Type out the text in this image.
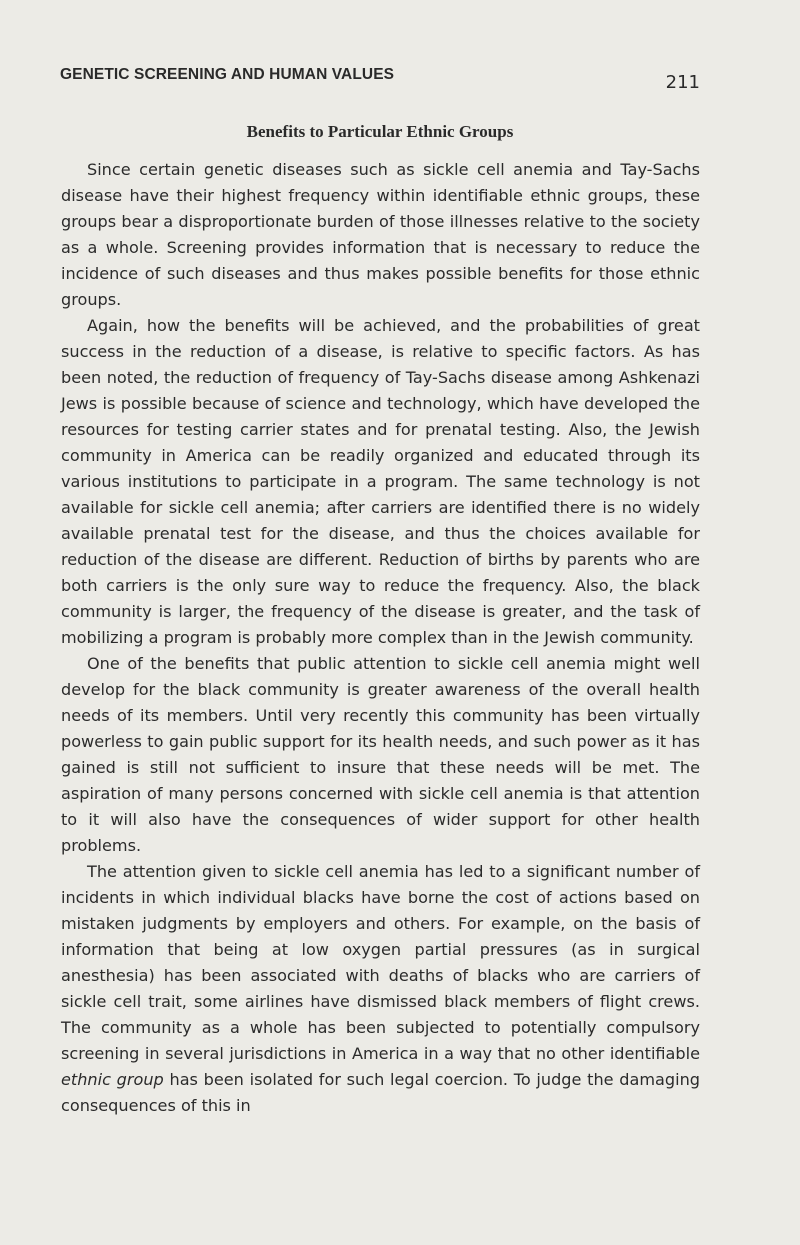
GENETIC SCREENING AND HUMAN VALUES	211
Benefits to Particular Ethnic Groups

Since certain genetic diseases such as sickle cell anemia and Tay-Sachs disease have their highest frequency within identifiable ethnic groups, these groups bear a disproportionate burden of those illnesses relative to the society as a whole. Screening provides information that is necessary to reduce the incidence of such diseases and thus makes possible benefits for those ethnic groups.

Again, how the benefits will be achieved, and the probabilities of great success in the reduction of a disease, is relative to specific factors. As has been noted, the reduction of frequency of Tay-Sachs disease among Ashkenazi Jews is possible because of science and technology, which have developed the resources for testing carrier states and for prenatal testing. Also, the Jewish community in America can be readily organized and educated through its various institutions to participate in a program. The same technology is not available for sickle cell anemia; after carriers are identified there is no widely available prenatal test for the disease, and thus the choices available for reduction of the disease are different. Reduction of births by parents who are both carriers is the only sure way to reduce the frequency. Also, the black community is larger, the frequency of the disease is greater, and the task of mobilizing a program is probably more complex than in the Jewish community.

One of the benefits that public attention to sickle cell anemia might well develop for the black community is greater awareness of the overall health needs of its members. Until very recently this community has been virtually powerless to gain public support for its health needs, and such power as it has gained is still not sufficient to insure that these needs will be met. The aspiration of many persons concerned with sickle cell anemia is that attention to it will also have the consequences of wider support for other health problems.

The attention given to sickle cell anemia has led to a significant number of incidents in which individual blacks have borne the cost of actions based on mistaken judgments by employers and others. For example, on the basis of information that being at low oxygen partial pressures (as in surgical anesthesia) has been associated with deaths of blacks who are carriers of sickle cell trait, some airlines have dismissed black members of flight crews. The community as a whole has been subjected to potentially compulsory screening in several jurisdictions in America in a way that no other identifiable ethnic group has been isolated for such legal coercion. To judge the damaging consequences of this in
